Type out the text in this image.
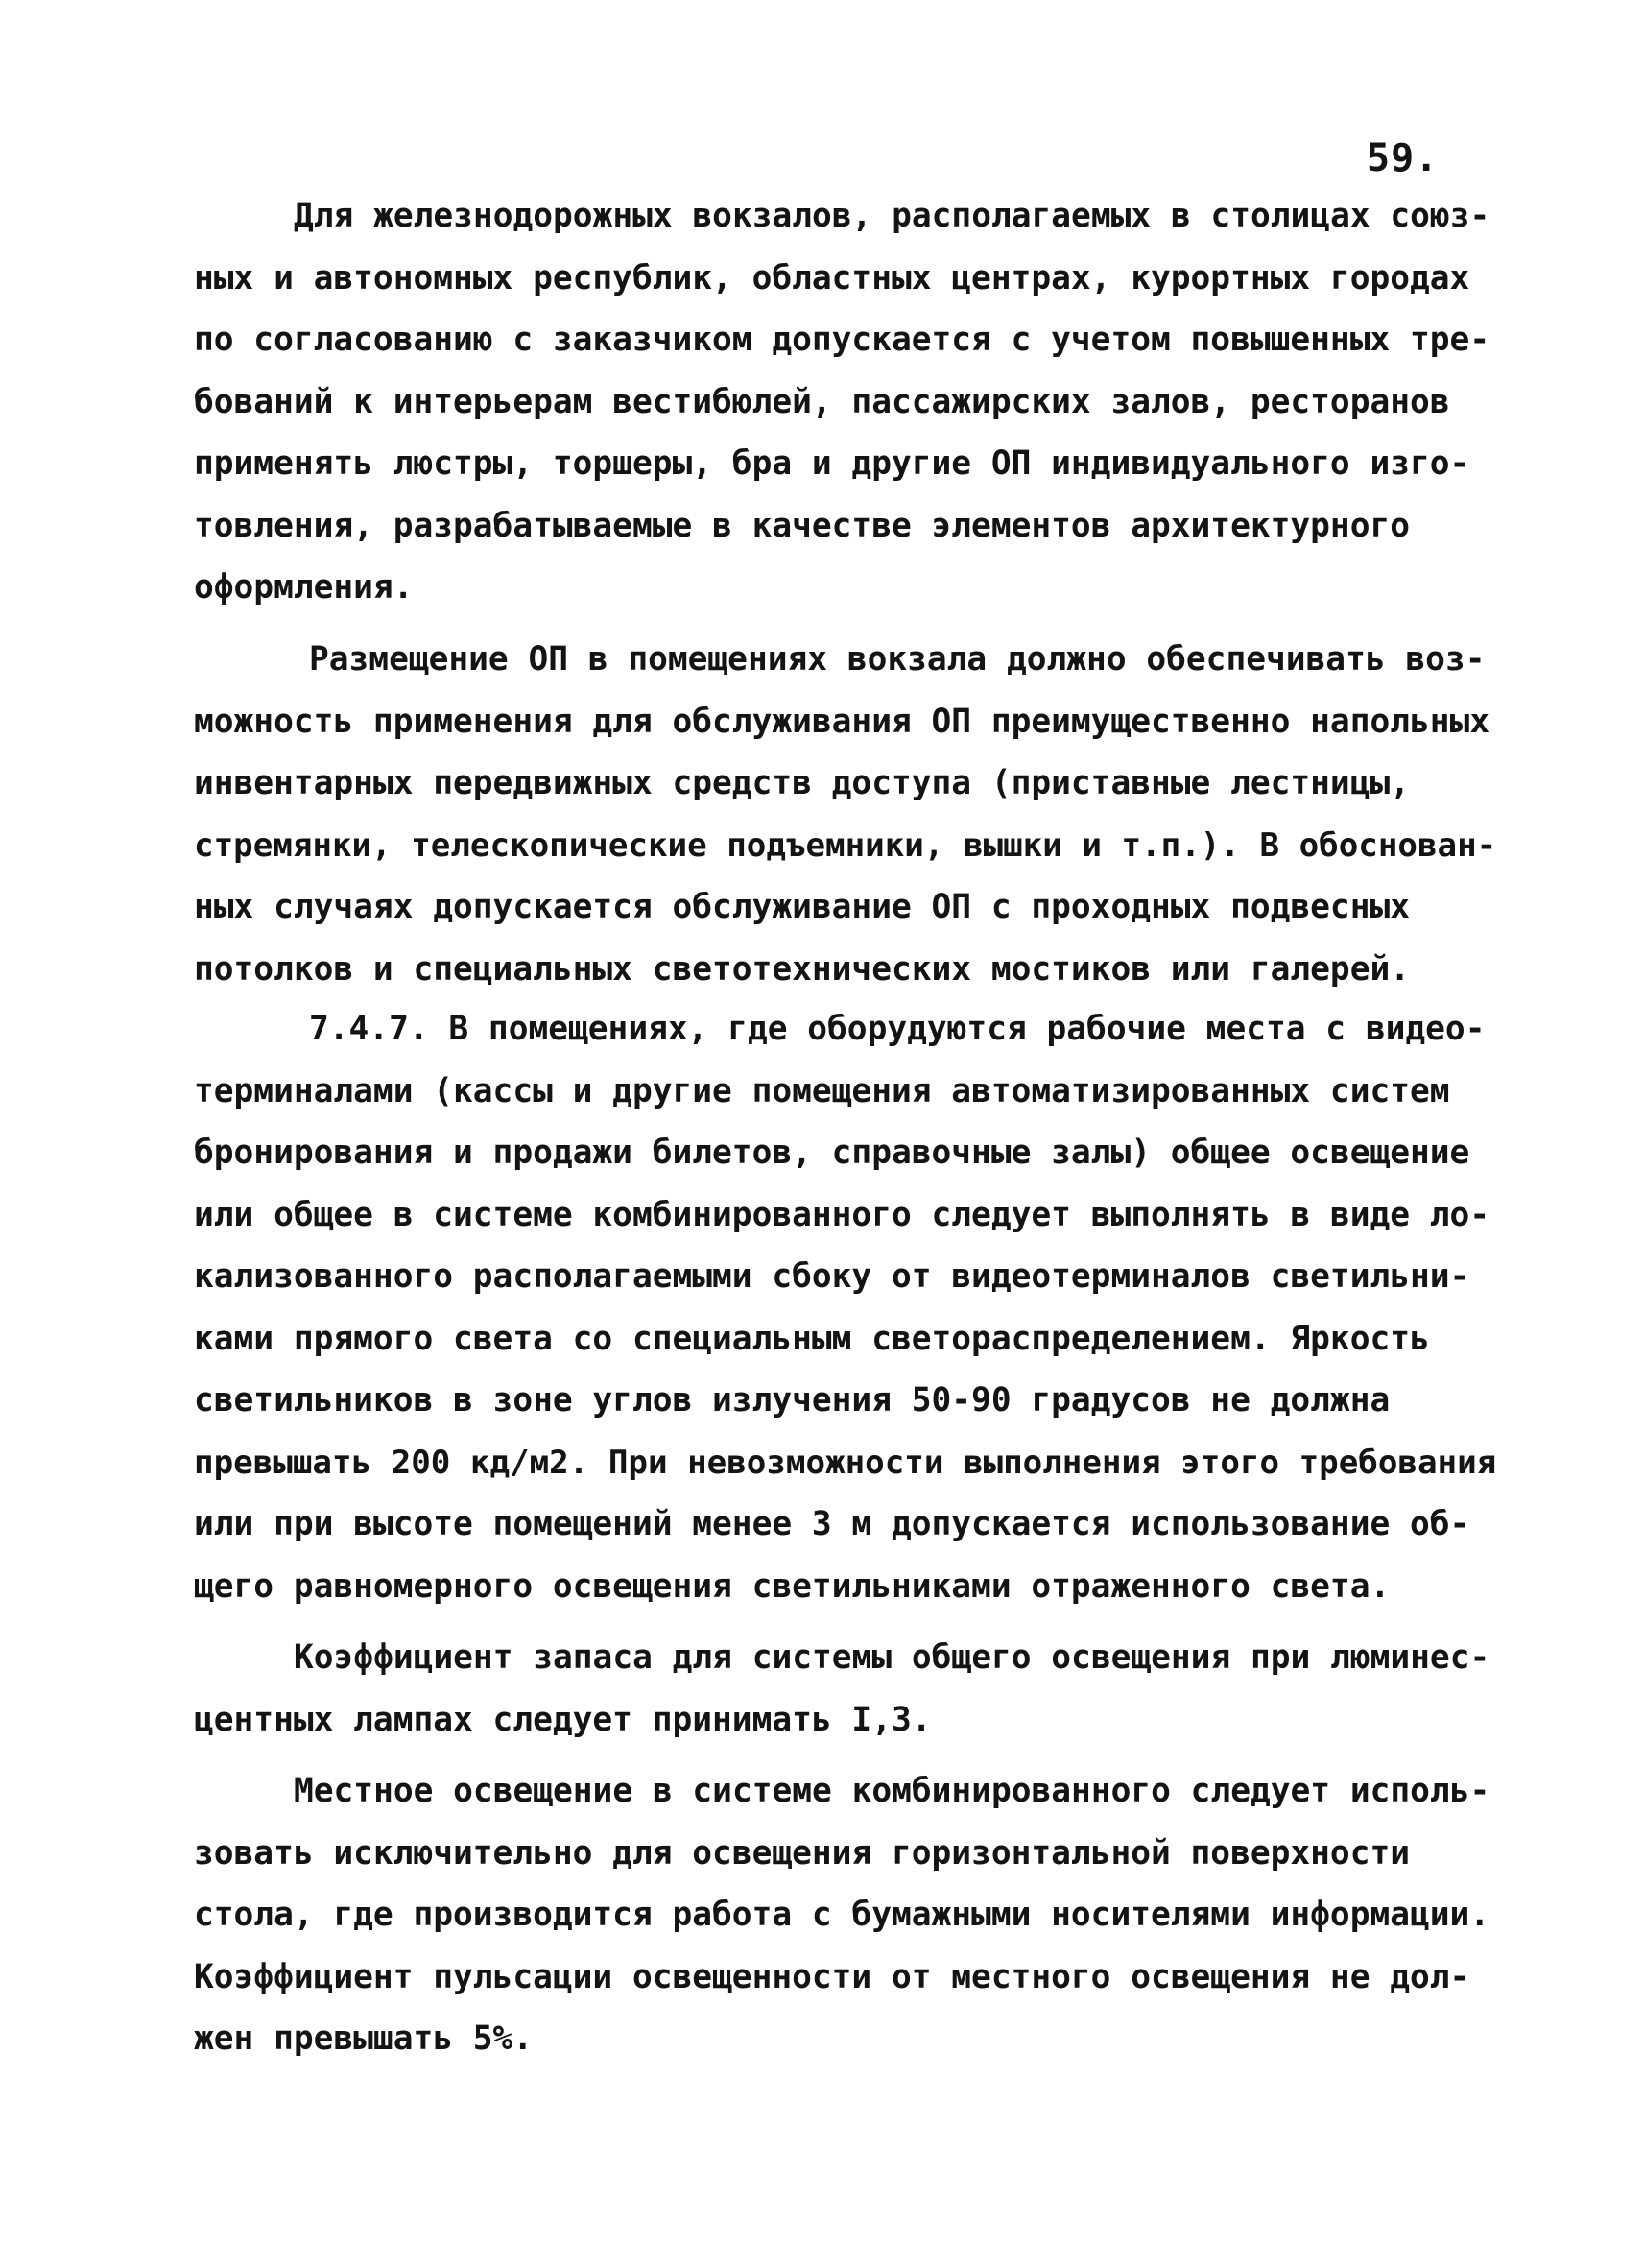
59.
Для железнодорожных вокзалов, располагаемых в столицах союз-
ных и автономных республик, областных центрах, курортных городах
по согласованию с заказчиком допускается с учетом повышенных тре-
бований к интерьерам вестибюлей, пассажирских залов, ресторанов
применять люстры, торшеры, бра и другие ОП индивидуального изго-
товления, разрабатываемые в качестве элементов архитектурного
оформления.
Размещение ОП в помещениях вокзала должно обеспечивать воз-
можность применения для обслуживания ОП преимущественно напольных
инвентарных передвижных средств доступа (приставные лестницы,
стремянки, телескопические подъемники, вышки и т.п.). В обоснован-
ных случаях допускается обслуживание ОП с проходных подвесных
потолков и специальных светотехнических мостиков или галерей.
7.4.7. В помещениях, где оборудуются рабочие места с видео-
терминалами (кассы и другие помещения автоматизированных систем
бронирования и продажи билетов, справочные залы) общее освещение
или общее в системе комбинированного следует выполнять в виде ло-
кализованного располагаемыми сбоку от видеотерминалов светильни-
ками прямого света со специальным светораспределением. Яркость
светильников в зоне углов излучения 50-90 градусов не должна
превышать 200 кд/м2. При невозможности выполнения этого требования
или при высоте помещений менее 3 м допускается использование об-
щего равномерного освещения светильниками отраженного света.
Коэффициент запаса для системы общего освещения при люминес-
центных лампах следует принимать I,3.
Местное освещение в системе комбинированного следует исполь-
зовать исключительно для освещения горизонтальной поверхности
стола, где производится работа с бумажными носителями информации.
Коэффициент пульсации освещенности от местного освещения не дол-
жен превышать 5%.
